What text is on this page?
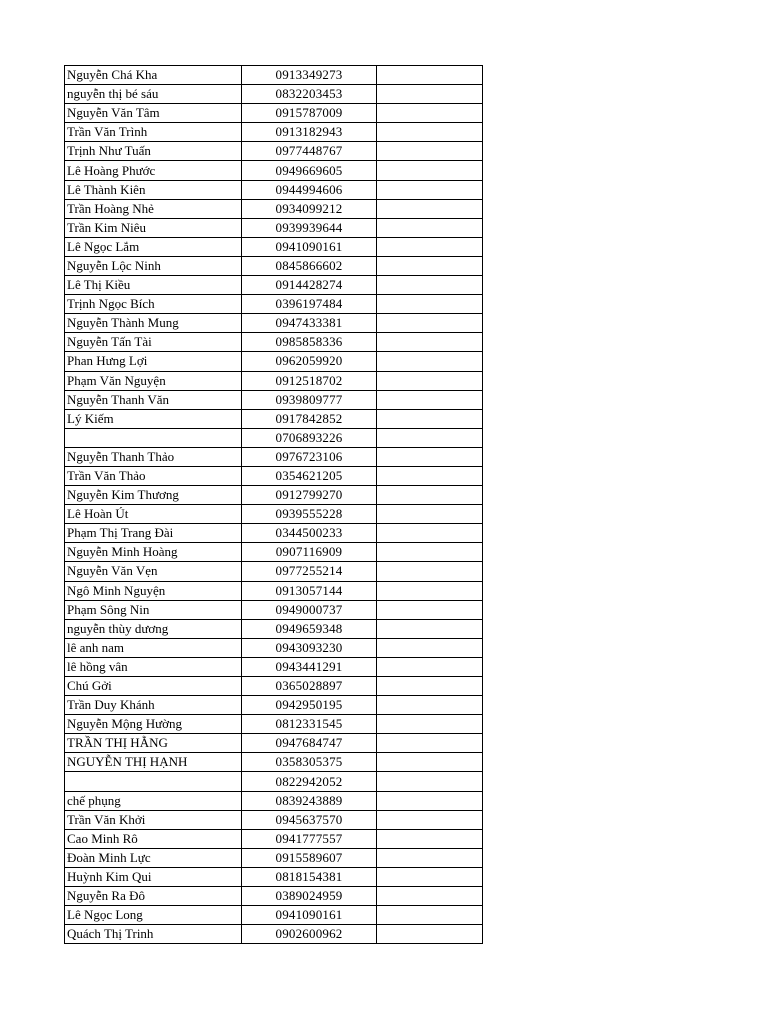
Nguyễn Chá Kha	0913349273	
nguyễn thị bé sáu	0832203453	
Nguyễn Văn Tâm	0915787009	
Trần Văn Trình	0913182943	
Trịnh Như Tuấn	0977448767	
Lê Hoàng Phước	0949669605	
Lê Thành Kiên	0944994606	
Trần Hoàng Nhẻ	0934099212	
Trần Kim Niêu	0939939644	
Lê Ngọc Lắm	0941090161	
Nguyễn Lộc Ninh	0845866602	
Lê Thị Kiều	0914428274	
Trịnh Ngọc Bích	0396197484	
Nguyễn Thành Mung	0947433381	
Nguyễn Tấn Tài	0985858336	
Phan Hưng Lợi	0962059920	
Phạm Văn Nguyện	0912518702	
Nguyễn Thanh Văn	0939809777	
Lý Kiếm	0917842852	
	0706893226	
Nguyễn Thanh Thảo	0976723106	
Trần Văn Thảo	0354621205	
Nguyễn Kim Thương	0912799270	
Lê Hoàn Út	0939555228	
Phạm Thị Trang Đài	0344500233	
Nguyễn Minh Hoàng	0907116909	
Nguyễn Văn Vẹn	0977255214	
Ngô Minh Nguyện	0913057144	
Phạm Sông Nin	0949000737	
nguyễn thùy dương	0949659348	
lê anh nam	0943093230	
lê hồng vân	0943441291	
Chú Gởi	0365028897	
Trần Duy Khánh	0942950195	
Nguyễn Mộng Hường	0812331545	
TRẦN THỊ HẰNG	0947684747	
NGUYỄN THỊ HẠNH	0358305375	
	0822942052	
chế phụng	0839243889	
Trần Văn Khởi	0945637570	
Cao Minh Rô	0941777557	
Đoàn Minh Lực	0915589607	
Huỳnh Kim Qui	0818154381	
Nguyễn Ra Đô	0389024959	
Lê Ngọc Long	0941090161	
Quách Thị Trinh	0902600962	
